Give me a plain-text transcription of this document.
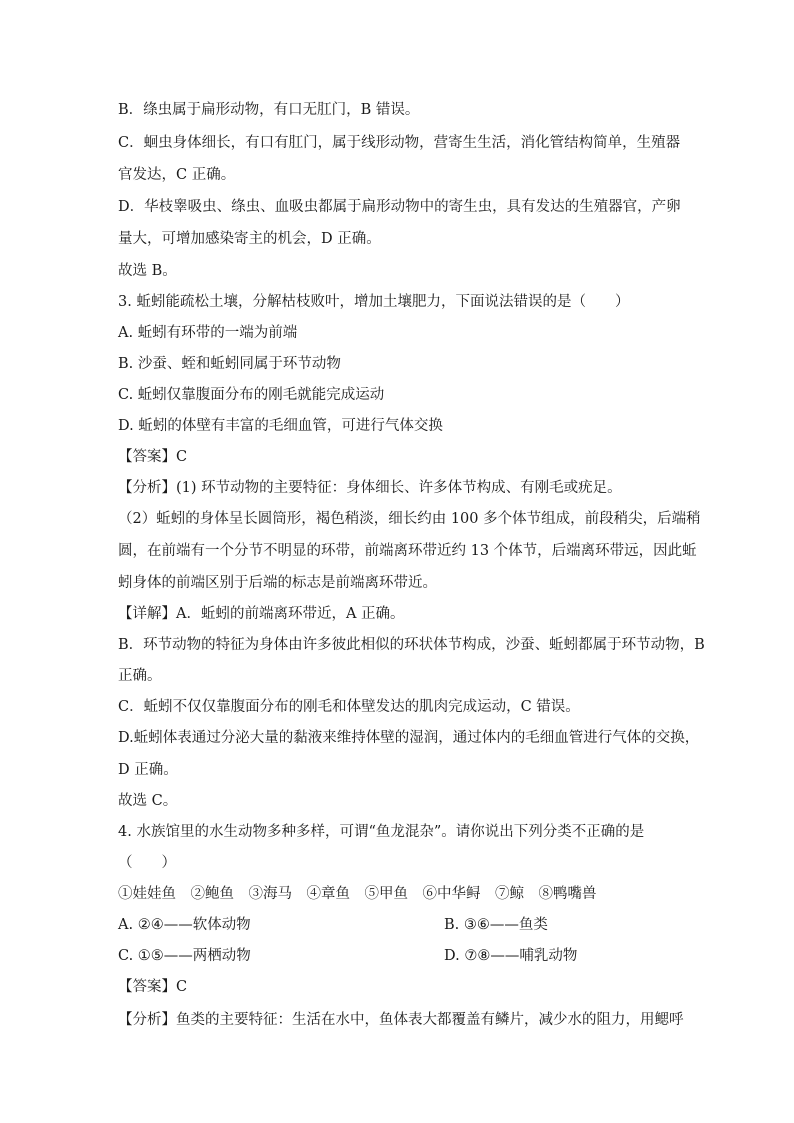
B．绦虫属于扁形动物，有口无肛门，B 错误。
C．蛔虫身体细长，有口有肛门，属于线形动物，营寄生生活，消化管结构简单，生殖器
官发达，C 正确。
D．华枝睾吸虫、绦虫、血吸虫都属于扁形动物中的寄生虫，具有发达的生殖器官，产卵
量大，可增加感染寄主的机会，D 正确。
故选 B。
3. 蚯蚓能疏松土壤，分解枯枝败叶，增加土壤肥力，下面说法错误的是（　　）
A. 蚯蚓有环带的一端为前端
B. 沙蚕、蛭和蚯蚓同属于环节动物
C. 蚯蚓仅靠腹面分布的刚毛就能完成运动
D. 蚯蚓的体壁有丰富的毛细血管，可进行气体交换
【答案】C
【分析】(1) 环节动物的主要特征：身体细长、许多体节构成、有刚毛或疣足。
（2）蚯蚓的身体呈长圆筒形，褐色稍淡，细长约由 100 多个体节组成，前段稍尖，后端稍
圆，在前端有一个分节不明显的环带，前端离环带近约 13 个体节，后端离环带远，因此蚯
蚓身体的前端区别于后端的标志是前端离环带近。
【详解】A．蚯蚓的前端离环带近，A 正确。
B．环节动物的特征为身体由许多彼此相似的环状体节构成，沙蚕、蚯蚓都属于环节动物，B
正确。
C．蚯蚓不仅仅靠腹面分布的刚毛和体壁发达的肌肉完成运动，C 错误。
D.蚯蚓体表通过分泌大量的黏液来维持体壁的湿润，通过体内的毛细血管进行气体的交换，
D 正确。
故选 C。
4. 水族馆里的水生动物多种多样，可谓“鱼龙混杂”。请你说出下列分类不正确的是
（　　）
①娃娃鱼　②鲍鱼　③海马　④章鱼　⑤甲鱼　⑥中华鲟　⑦鲸　⑧鸭嘴兽
A. ②④——软体动物
C. ①⑤——两栖动物
【答案】C
【分析】鱼类的主要特征：生活在水中，鱼体表大都覆盖有鳞片，减少水的阻力，用鳃呼
B. ③⑥——鱼类
D. ⑦⑧——哺乳动物
